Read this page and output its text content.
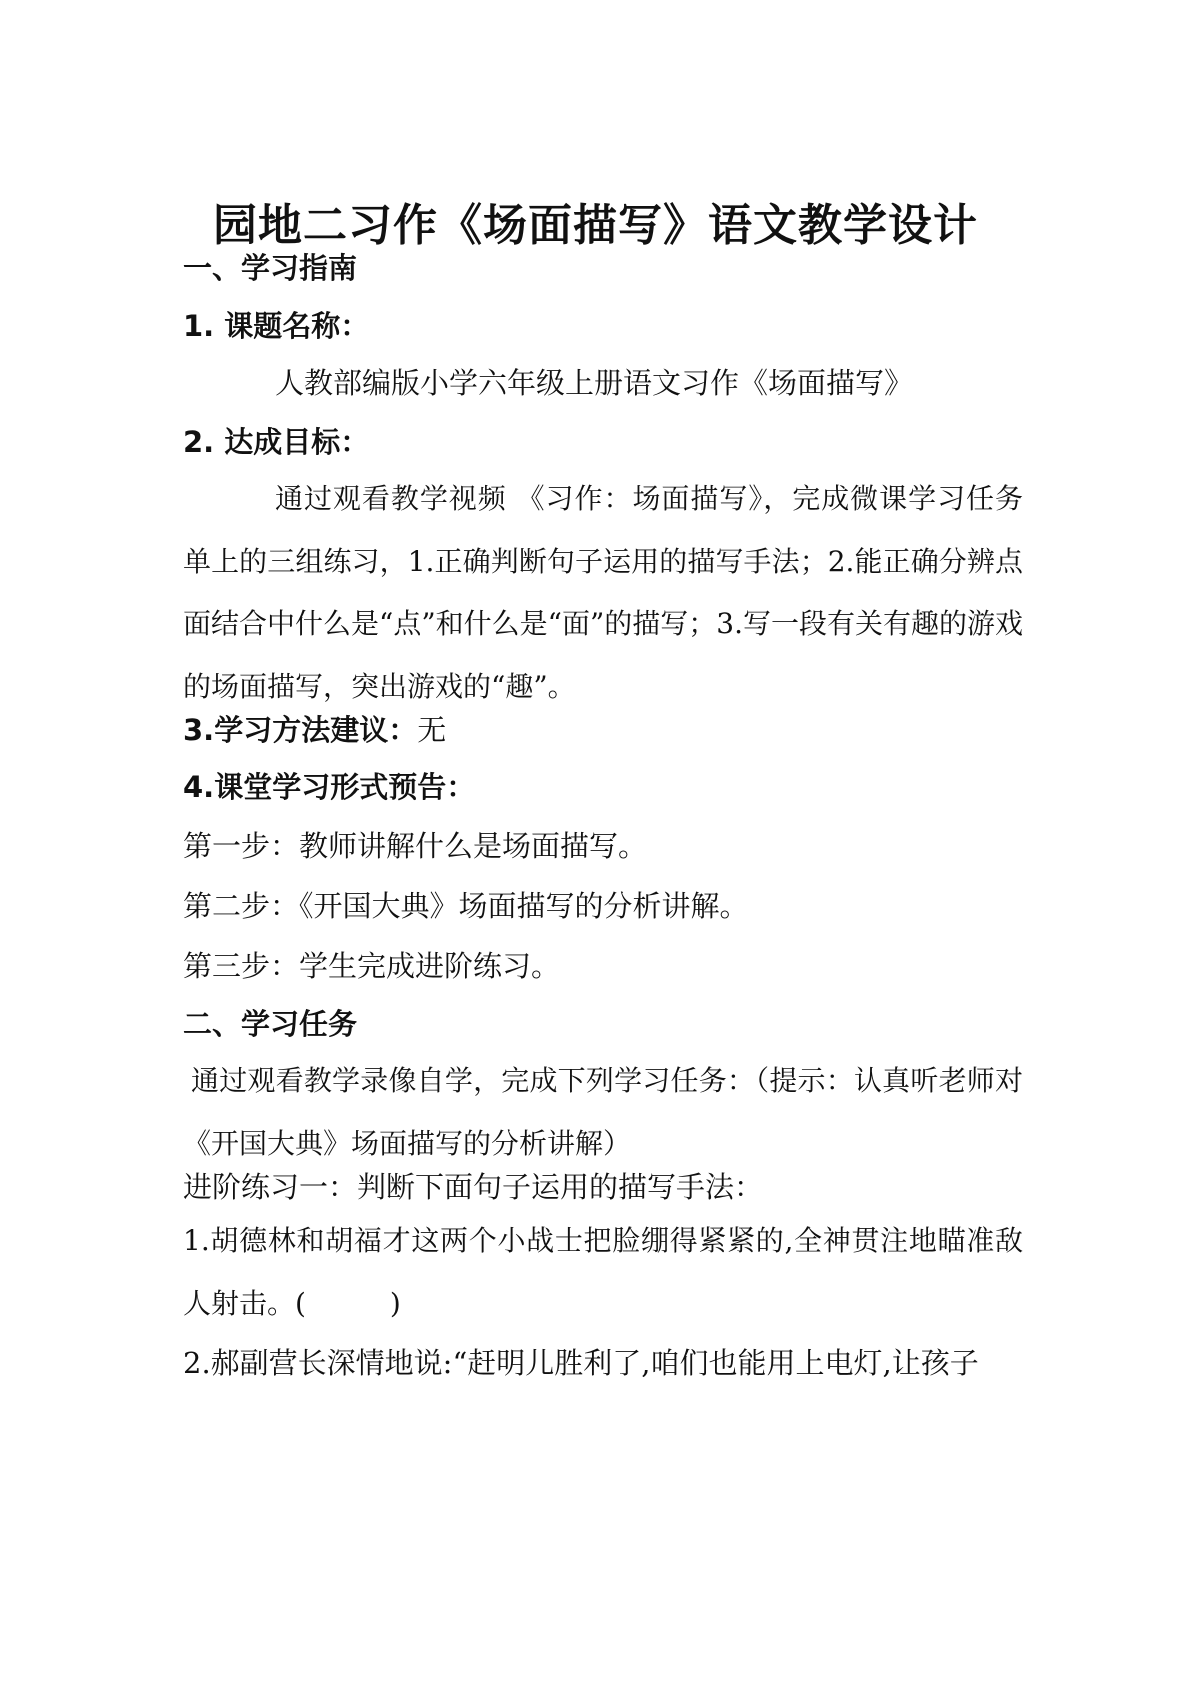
园地二习作《场面描写》语文教学设计
一、学习指南
1. 课题名称：
人教部编版小学六年级上册语文习作《场面描写》
2. 达成目标：
通过观看教学视频 《习作：场面描写》，完成微课学习任务单上的三组练习，1.正确判断句子运用的描写手法；2.能正确分辨点面结合中什么是“点”和什么是“面”的描写；3.写一段有关有趣的游戏的场面描写，突出游戏的“趣”。
3.学习方法建议：无
4.课堂学习形式预告：
第一步：教师讲解什么是场面描写。
第二步：《开国大典》场面描写的分析讲解。
第三步：学生完成进阶练习。
二、学习任务
通过观看教学录像自学，完成下列学习任务：（提示：认真听老师对《开国大典》场面描写的分析讲解）
进阶练习一：判断下面句子运用的描写手法：
1.胡德林和胡福才这两个小战士把脸绷得紧紧的,全神贯注地瞄准敌人射击。(　　　)
2.郝副营长深情地说:“赶明儿胜利了,咱们也能用上电灯,让孩子
